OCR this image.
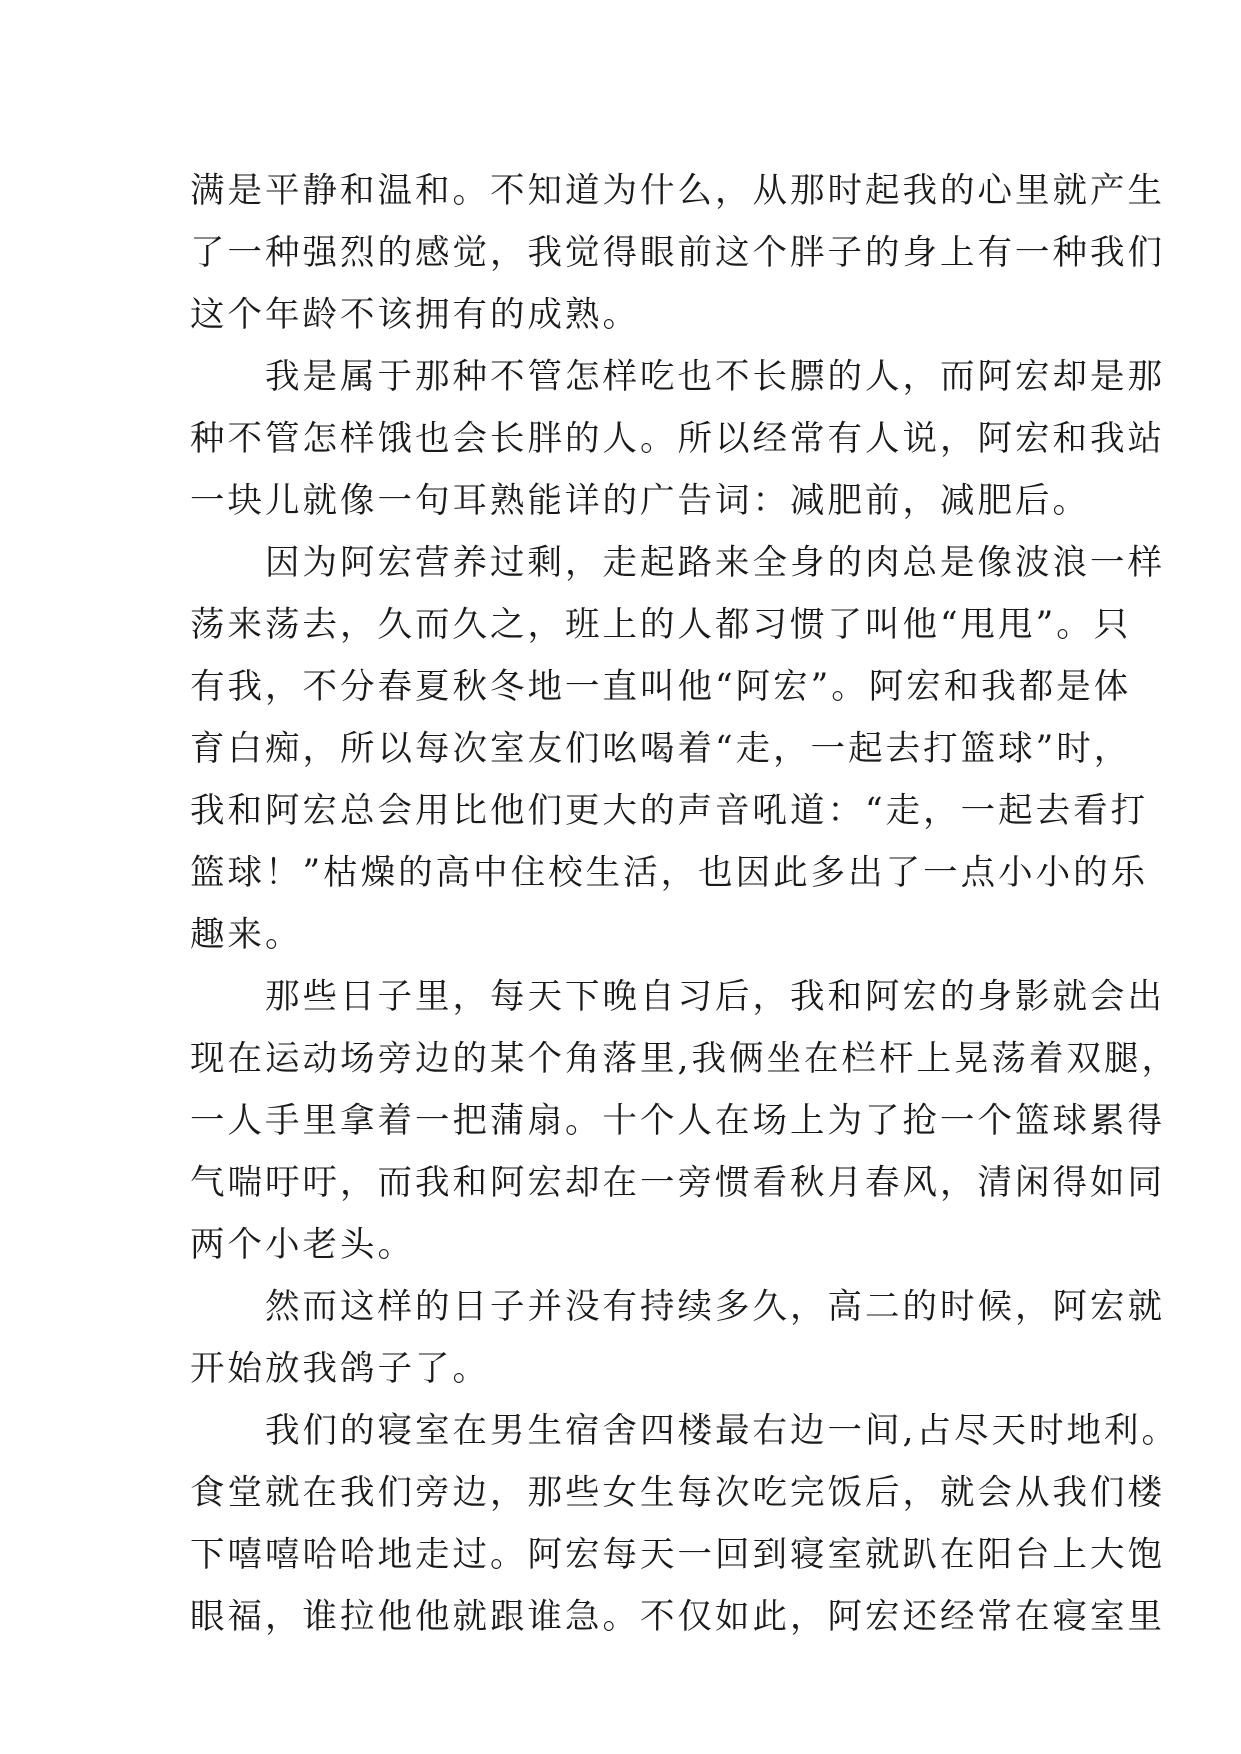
满是平静和温和。不知道为什么，从那时起我的心里就产生
了一种强烈的感觉，我觉得眼前这个胖子的身上有一种我们
这个年龄不该拥有的成熟。
　　我是属于那种不管怎样吃也不长膘的人，而阿宏却是那
种不管怎样饿也会长胖的人。所以经常有人说，阿宏和我站
一块儿就像一句耳熟能详的广告词：减肥前，减肥后。
　　因为阿宏营养过剩，走起路来全身的肉总是像波浪一样
荡来荡去，久而久之，班上的人都习惯了叫他“甩甩”。只
有我，不分春夏秋冬地一直叫他“阿宏”。阿宏和我都是体
育白痴，所以每次室友们吆喝着“走，一起去打篮球”时，
我和阿宏总会用比他们更大的声音吼道：“走，一起去看打
篮球！”枯燥的高中住校生活，也因此多出了一点小小的乐
趣来。
　　那些日子里，每天下晚自习后，我和阿宏的身影就会出
现在运动场旁边的某个角落里,我俩坐在栏杆上晃荡着双腿，
一人手里拿着一把蒲扇。十个人在场上为了抢一个篮球累得
气喘吁吁，而我和阿宏却在一旁惯看秋月春风，清闲得如同
两个小老头。
　　然而这样的日子并没有持续多久，高二的时候，阿宏就
开始放我鸽子了。
　　我们的寝室在男生宿舍四楼最右边一间,占尽天时地利。
食堂就在我们旁边，那些女生每次吃完饭后，就会从我们楼
下嘻嘻哈哈地走过。阿宏每天一回到寝室就趴在阳台上大饱
眼福，谁拉他他就跟谁急。不仅如此，阿宏还经常在寝室里
